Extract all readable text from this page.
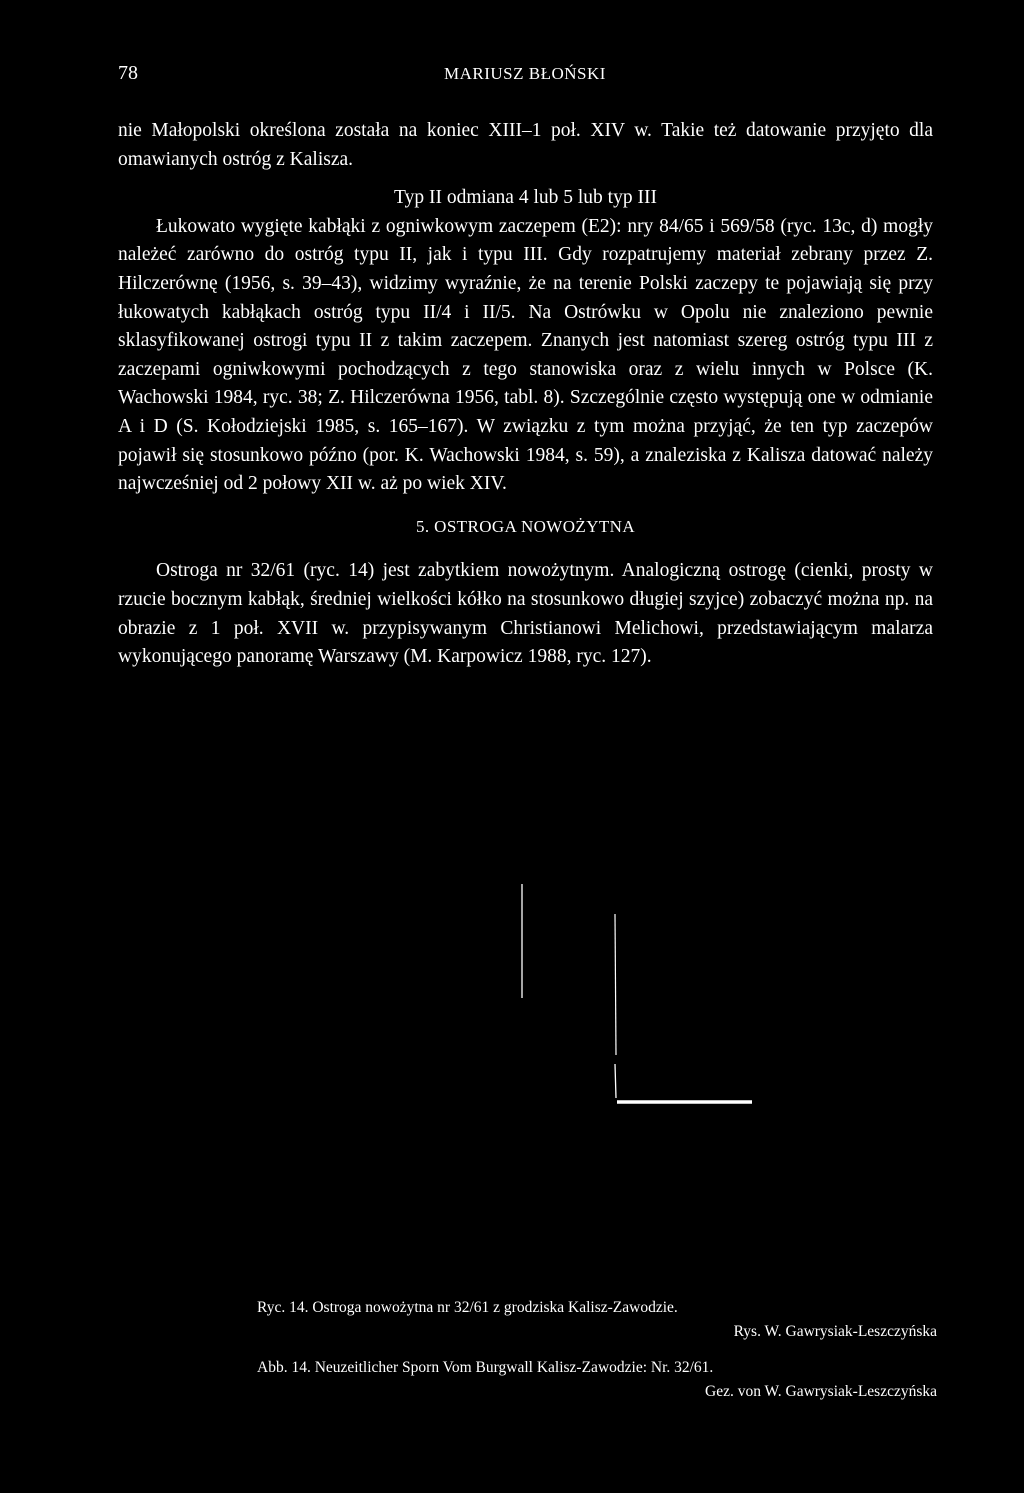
78	MARIUSZ BŁOŃSKI

nie Małopolski określona została na koniec XIII–1 poł. XIV w. Takie też datowanie przyjęto dla omawianych ostróg z Kalisza.

Typ II odmiana 4 lub 5 lub typ III

Łukowato wygięte kabłąki z ogniwkowym zaczepem (E2): nry 84/65 i 569/58 (ryc. 13c, d) mogły należeć zarówno do ostróg typu II, jak i typu III. Gdy rozpatrujemy materiał zebrany przez Z. Hilczerównę (1956, s. 39–43), widzimy wyraźnie, że na terenie Polski zaczepy te pojawiają się przy łukowatych kabłąkach ostróg typu II/4 i II/5. Na Ostrówku w Opolu nie znaleziono pewnie sklasyfikowanej ostrogi typu II z takim zaczepem. Znanych jest natomiast szereg ostróg typu III z zaczepami ogniwkowymi pochodzących z tego stanowiska oraz z wielu innych w Polsce (K. Wachowski 1984, ryc. 38; Z. Hilczerówna 1956, tabl. 8). Szczególnie często występują one w odmianie A i D (S. Kołodziejski 1985, s. 165–167). W związku z tym można przyjąć, że ten typ zaczepów pojawił się stosunkowo późno (por. K. Wachowski 1984, s. 59), a znaleziska z Kalisza datować należy najwcześniej od 2 połowy XII w. aż po wiek XIV.

5. OSTROGA NOWOŻYTNA

Ostroga nr 32/61 (ryc. 14) jest zabytkiem nowożytnym. Analogiczną ostrogę (cienki, prosty w rzucie bocznym kabłąk, średniej wielkości kółko na stosunkowo długiej szyjce) zobaczyć można np. na obrazie z 1 poł. XVII w. przypisywanym Christianowi Melichowi, przedstawiającym malarza wykonującego panoramę Warszawy (M. Karpowicz 1988, ryc. 127).

Ryc. 14. Ostroga nowożytna nr 32/61 z grodziska Kalisz-Zawodzie.
Rys. W. Gawrysiak-Leszczyńska
Abb. 14. Neuzeitlicher Sporn Vom Burgwall Kalisz-Zawodzie: Nr. 32/61.
Gez. von W. Gawrysiak-Leszczyńska
